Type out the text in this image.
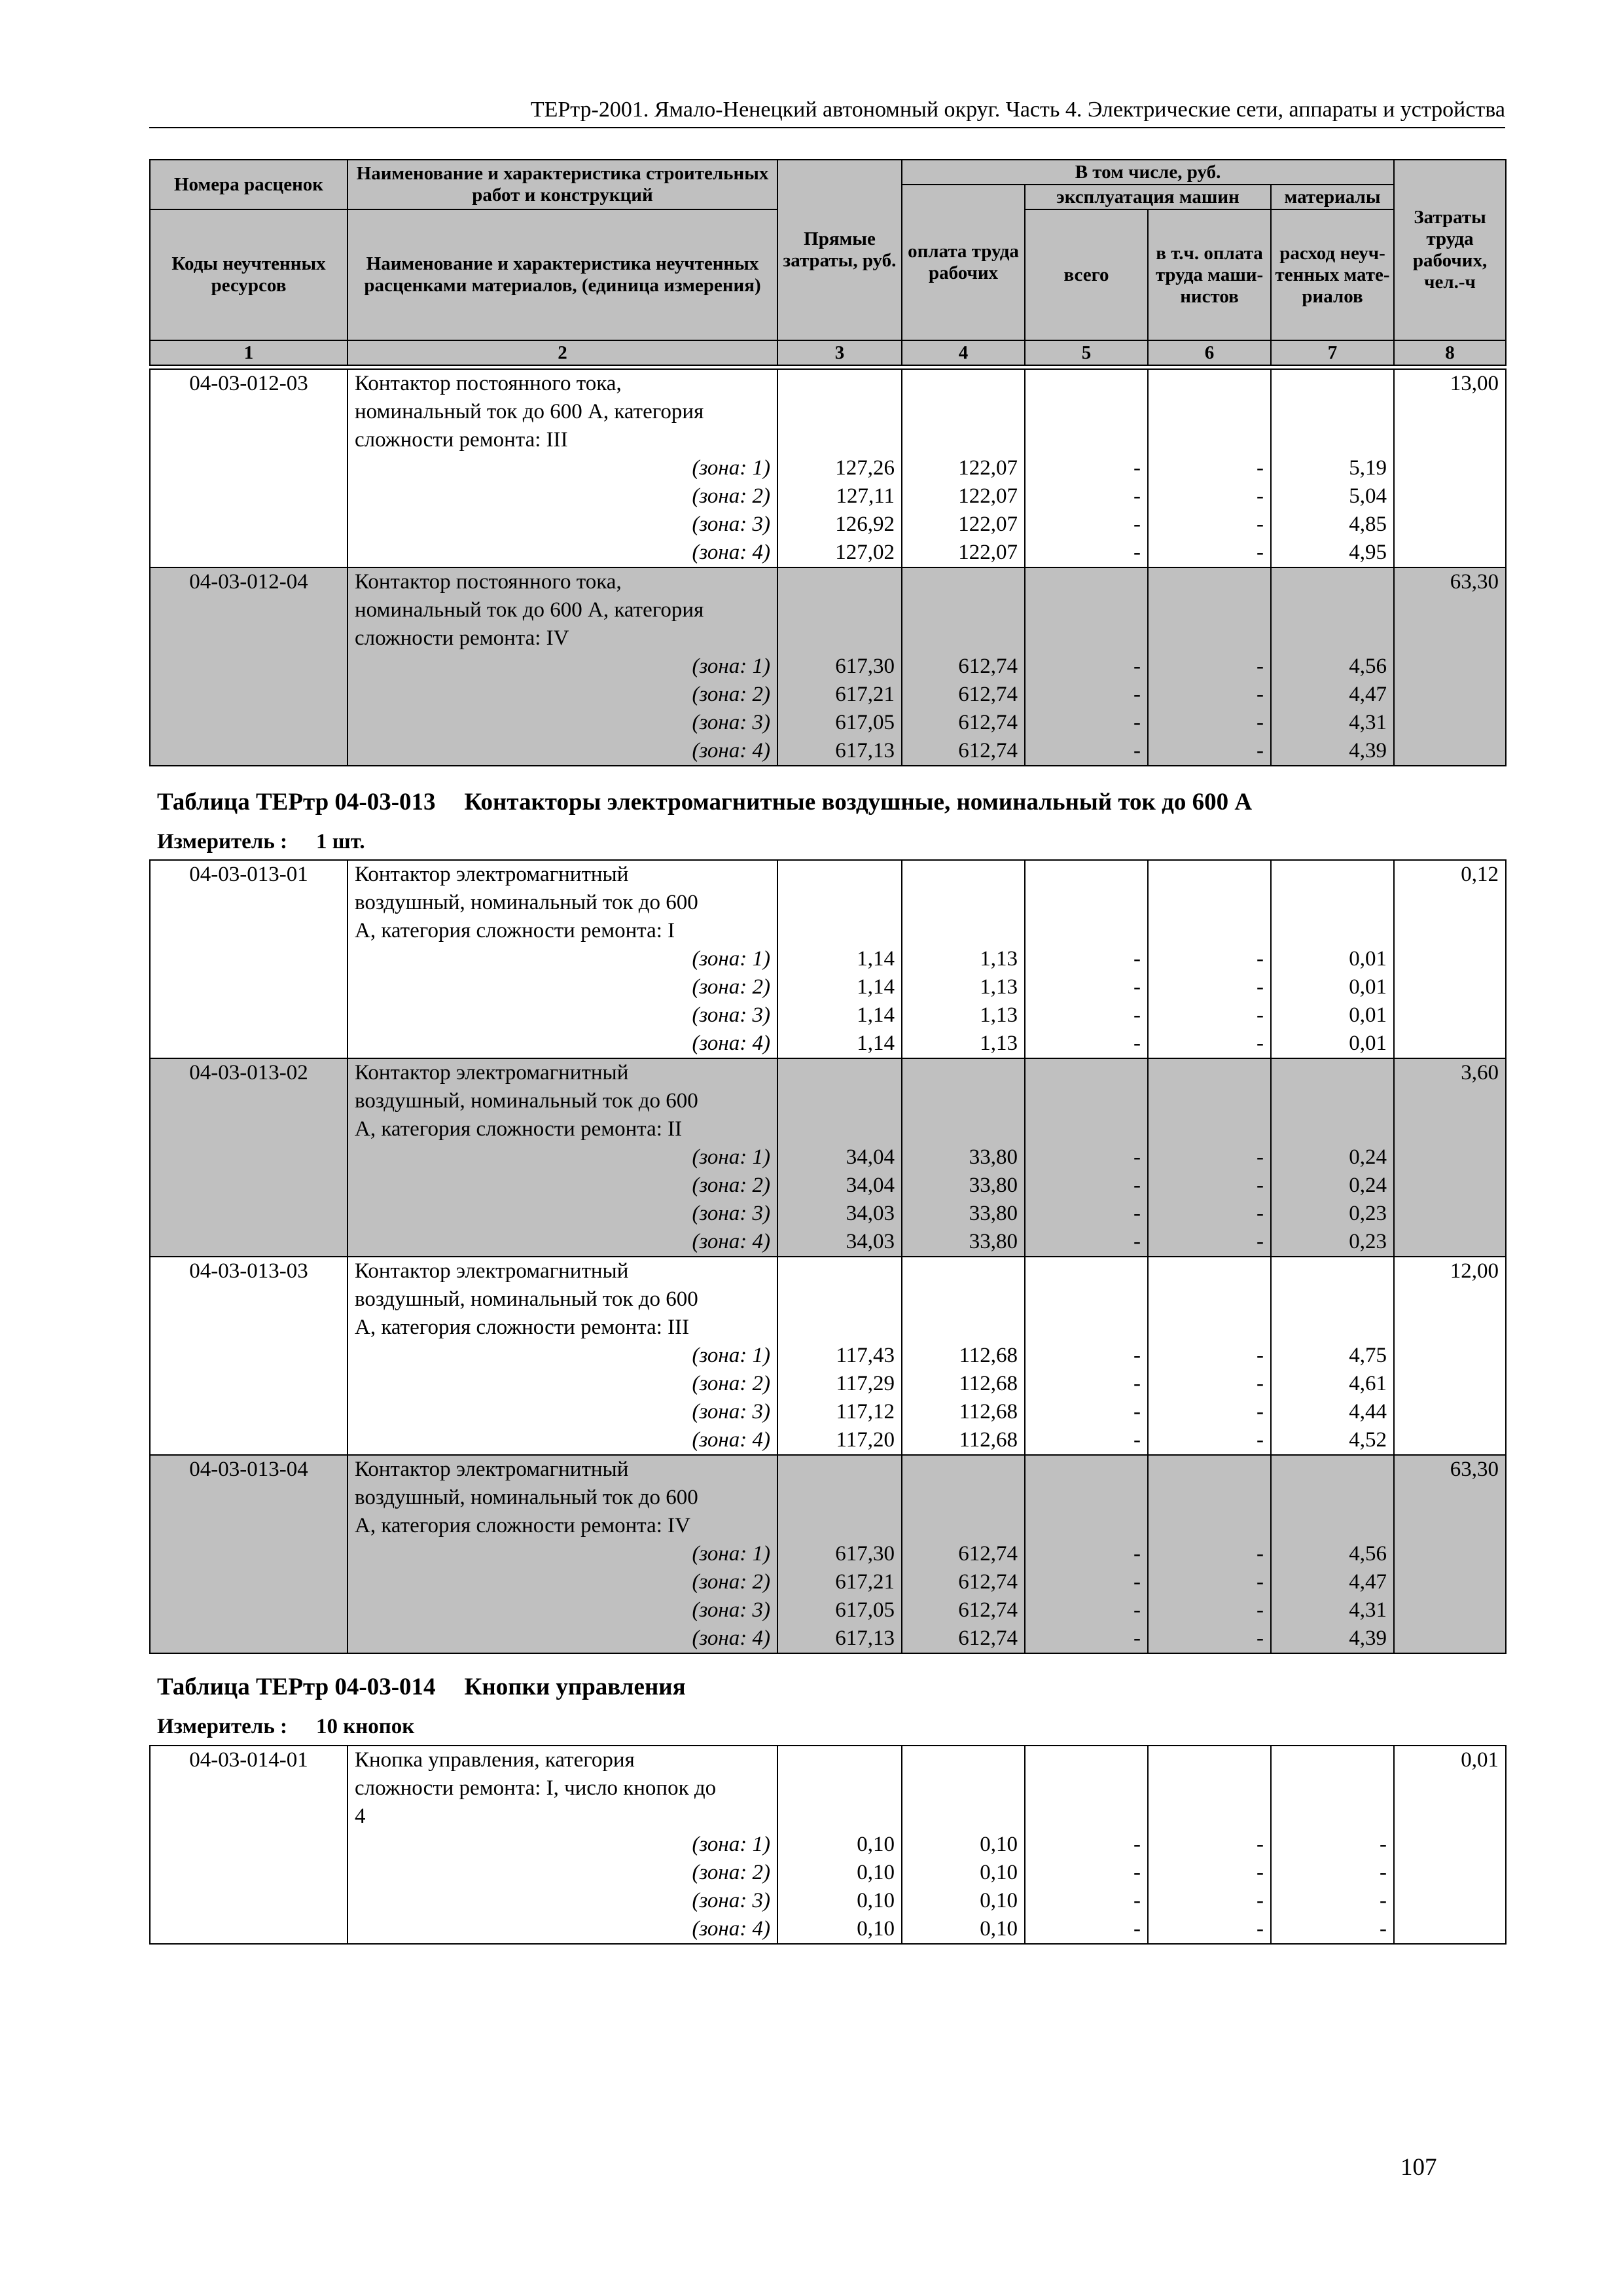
ТЕРтр-2001. Ямало-Ненецкий автономный округ. Часть 4. Электрические сети, аппараты и устройства
Номера расценок	Наименование и характеристика строительных работ и конструкций	Прямые затраты, руб.	В том числе, руб.				Затраты труда рабочих, чел.-ч
			оплата труда рабочих	эксплуатация машин		материалы	
Коды неучтенных ресурсов	Наименование и характеристика неучтенных расценками материалов, (единица измерения)			всего	в т.ч. оплата труда маши-нистов	расход неуч-тенных мате-риалов	
1	2	3	4	5	6	7	8
04-03-012-03	Контактор постоянного тока,						13,00
	номинальный ток до 600 А, категория						
	сложности ремонта: III						
	(зона: 1)	127,26	122,07	-	-	5,19	
	(зона: 2)	127,11	122,07	-	-	5,04	
	(зона: 3)	126,92	122,07	-	-	4,85	
	(зона: 4)	127,02	122,07	-	-	4,95	
04-03-012-04	Контактор постоянного тока,						63,30
	номинальный ток до 600 А, категория						
	сложности ремонта: IV						
	(зона: 1)	617,30	612,74	-	-	4,56	
	(зона: 2)	617,21	612,74	-	-	4,47	
	(зона: 3)	617,05	612,74	-	-	4,31	
	(зона: 4)	617,13	612,74	-	-	4,39	
Таблица ТЕРтр 04-03-013 Контакторы электромагнитные воздушные, номинальный ток до 600 А
Измеритель : 1 шт.
04-03-013-01	Контактор электромагнитный						0,12
	воздушный, номинальный ток до 600						
	А, категория сложности ремонта: I						
	(зона: 1)	1,14	1,13	-	-	0,01	
	(зона: 2)	1,14	1,13	-	-	0,01	
	(зона: 3)	1,14	1,13	-	-	0,01	
	(зона: 4)	1,14	1,13	-	-	0,01	
04-03-013-02	Контактор электромагнитный						3,60
	воздушный, номинальный ток до 600						
	А, категория сложности ремонта: II						
	(зона: 1)	34,04	33,80	-	-	0,24	
	(зона: 2)	34,04	33,80	-	-	0,24	
	(зона: 3)	34,03	33,80	-	-	0,23	
	(зона: 4)	34,03	33,80	-	-	0,23	
04-03-013-03	Контактор электромагнитный						12,00
	воздушный, номинальный ток до 600						
	А, категория сложности ремонта: III						
	(зона: 1)	117,43	112,68	-	-	4,75	
	(зона: 2)	117,29	112,68	-	-	4,61	
	(зона: 3)	117,12	112,68	-	-	4,44	
	(зона: 4)	117,20	112,68	-	-	4,52	
04-03-013-04	Контактор электромагнитный						63,30
	воздушный, номинальный ток до 600						
	А, категория сложности ремонта: IV						
	(зона: 1)	617,30	612,74	-	-	4,56	
	(зона: 2)	617,21	612,74	-	-	4,47	
	(зона: 3)	617,05	612,74	-	-	4,31	
	(зона: 4)	617,13	612,74	-	-	4,39	
Таблица ТЕРтр 04-03-014 Кнопки управления
Измеритель : 10 кнопок
04-03-014-01	Кнопка управления, категория						0,01
	сложности ремонта: I, число кнопок до						
	4						
	(зона: 1)	0,10	0,10	-	-	-	
	(зона: 2)	0,10	0,10	-	-	-	
	(зона: 3)	0,10	0,10	-	-	-	
	(зона: 4)	0,10	0,10	-	-	-	
107
